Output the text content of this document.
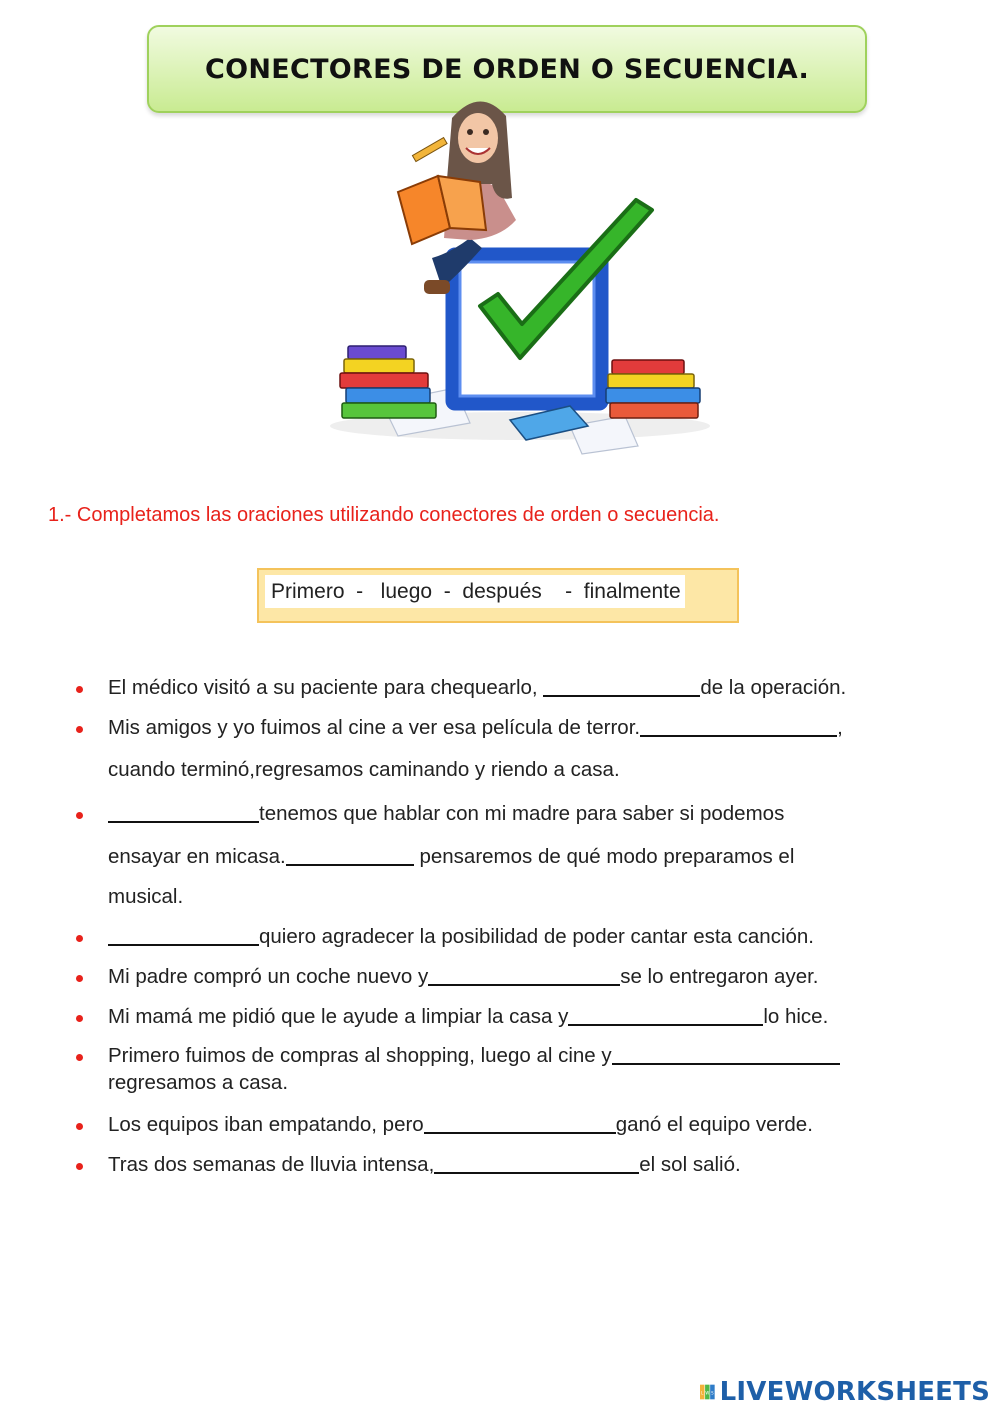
CONECTORES DE ORDEN O SECUENCIA.

1.- Completamos las oraciones utilizando conectores de orden o secuencia.

Primero  -   luego  -  después    -  finalmente

El médico visitó a su paciente para chequearlo,	de la operación.

Mis amigos y yo fuimos al cine a ver esa película de terror.	,

cuando terminó,regresamos caminando y riendo a casa.

tenemos que hablar con mi madre para saber si podemos

ensayar en micasa.	pensaremos de qué modo preparamos el

musical.

quiero agradecer la posibilidad de poder cantar esta canción.

Mi padre compró un coche nuevo y	se lo entregaron ayer.

Mi mamá me pidió que le ayude a limpiar la casa y	lo hice.

Primero fuimos de compras al shopping, luego al cine y

regresamos a casa.

Los equipos iban empatando, pero	ganó el equipo verde.

Tras dos semanas de lluvia intensa,	el sol salió.

L W S LIVEWORKSHEETS
